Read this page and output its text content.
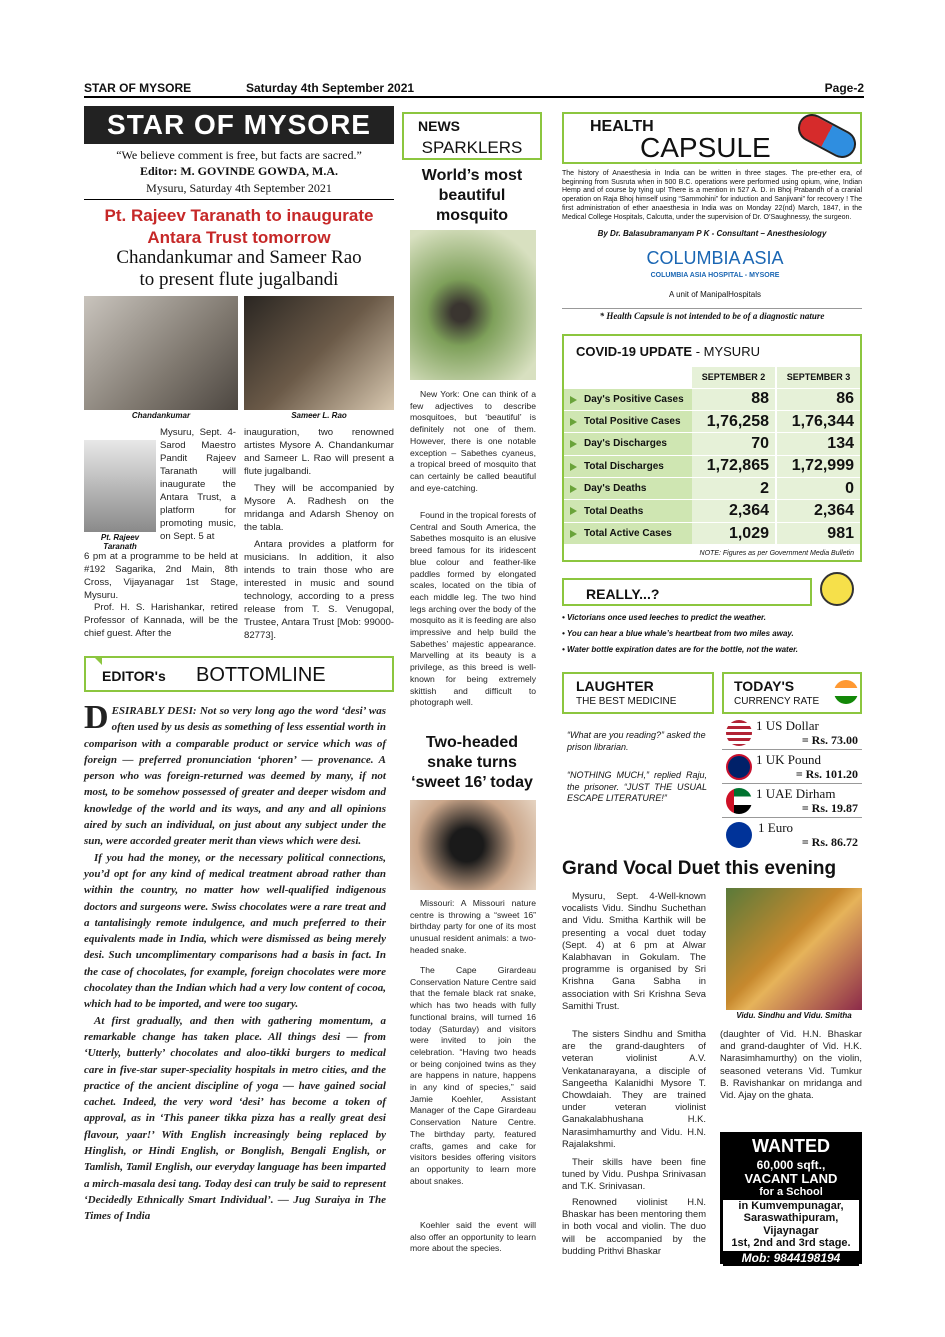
STAR OF MYSORE	Saturday 4th September 2021	Page-2
STAR OF MYSORE
“We believe comment is free, but facts are sacred.”
Editor: M. GOVINDE GOWDA, M.A.
Mysuru, Saturday 4th September 2021
Pt. Rajeev Taranath to inaugurate
Antara Trust tomorrow
Chandankumar and Sameer Rao
to present flute jugalbandi
Chandankumar	Sameer L. Rao
Pt. Rajeev Taranath
Mysuru, Sept. 4- Sarod Maestro Pandit Rajeev Taranath will inaugurate the Antara Trust, a platform for promoting music, on Sept. 5 at
6 pm at a programme to be held at #192 Sagarika, 2nd Main, 8th Cross, Vijayanagar 1st Stage, Mysuru.
Prof. H. S. Harishankar, retired Professor of Kannada, will be the chief guest. After the
inauguration, two renowned artistes Mysore A. Chandankumar and Sameer L. Rao will present a flute jugalbandi.
They will be accompanied by Mysore A. Radhesh on the mridanga and Adarsh Shenoy on the tabla.
Antara provides a platform for musicians. In addition, it also intends to train those who are interested in music and sound technology, according to a press release from T. S. Venugopal, Trustee, Antara Trust [Mob: 99000-82773].
EDITOR's BOTTOMLINE
DESIRABLY DESI: Not so very long ago the word ‘desi’ was often used by us desis as something of less essential worth in comparison with a comparable product or service which was of foreign — preferred pronunciation ‘phoren’ — provenance. A person who was foreign-returned was deemed by many, if not most, to be somehow possessed of greater and deeper wisdom and knowledge of the world and its ways, and any and all opinions aired by such an individual, on just about any subject under the sun, were accorded greater merit than views which were desi.

If you had the money, or the necessary political connections, you’d opt for any kind of medical treatment abroad rather than within the country, no matter how well-qualified indigenous doctors and surgeons were. Swiss chocolates were a rare treat and a tantalisingly remote indulgence, and much preferred to their equivalents made in India, which were dismissed as being merely desi. Such uncomplimentary comparisons had a basis in fact. In the case of chocolates, for example, foreign chocolates were more chocolatey than the Indian which had a very low content of cocoa, which had to be imported, and were too sugary.

At first gradually, and then with gathering momentum, a remarkable change has taken place. All things desi — from ‘Utterly, butterly’ chocolates and aloo-tikki burgers to medical care in five-star super-speciality hospitals in metro cities, and the practice of the ancient discipline of yoga — have gained social cachet. Indeed, the very word ‘desi’ has become a token of approval, as in ‘This paneer tikka pizza has a really great desi flavour, yaar!’ With English increasingly being replaced by Hinglish, or Hindi English, or Bonglish, Bengali English, or Tamlish, Tamil English, our everyday language has been imparted a mirch-masala desi tang. Today desi can truly be said to represent ‘Decidedly Ethnically Smart Individual’. — Jug Suraiya in The Times of India

NEWS
SPARKLERS
World’s most beautiful mosquito
New York: One can think of a few adjectives to describe mosquitoes, but ‘beautiful’ is definitely not one of them. However, there is one notable exception – Sabethes cyaneus, a tropical breed of mosquito that can certainly be called beautiful and eye-catching.
Found in the tropical forests of Central and South America, the Sabethes mosquito is an elusive breed famous for its iridescent blue colour and feather-like paddles formed by elongated scales, located on the tibia of each middle leg. The two hind legs arching over the body of the mosquito as it is feeding are also impressive and help build the Sabethes’ majestic appearance. Marvelling at its beauty is a privilege, as this breed is well-known for being extremely skittish and difficult to photograph well.
Two-headed snake turns ‘sweet 16’ today
Missouri: A Missouri nature centre is throwing a “sweet 16” birthday party for one of its most unusual resident animals: a two-headed snake.
The Cape Girardeau Conservation Nature Centre said that the female black rat snake, which has two heads with fully functional brains, will turned 16 today (Saturday) and visitors were invited to join the celebration. “Having two heads or being conjoined twins as they are happens in nature, happens in any kind of species,” said Jamie Koehler, Assistant Manager of the Cape Girardeau Conservation Nature Centre. The birthday party, featured crafts, games and cake for visitors besides offering visitors an opportunity to learn more about snakes.
Koehler said the event will also offer an opportunity to learn more about the species.
HEALTH
CAPSULE
The history of Anaesthesia in India can be written in three stages. The pre-ether era, of beginning from Susruta when in 500 B.C. operations were performed using opium, wine, Indian Hemp and of course by tying up! There is a mention in 527 A. D. in Bhoj Prabandh of a cranial operation on Raja Bhoj himself using “Sammohini” for induction and Sanjivani” for recovery ! The first administration of ether anaesthesia in India was on Monday 22(nd) March, 1847, in the Medical College Hospitals, Calcutta, under the supervision of Dr. O’Saughnessy, the surgeon.
By Dr. Balasubramanyam P K - Consultant – Anesthesiology
COLUMBIA ASIA
COLUMBIA ASIA HOSPITAL - MYSORE
A unit of ManipalHospitals
* Health Capsule is not intended to be of a diagnostic nature
COVID-19 UPDATE - MYSURU
	SEPTEMBER 2	SEPTEMBER 3
Day's Positive Cases	88	86
Total Positive Cases	1,76,258	1,76,344
Day's Discharges	70	134
Total Discharges	1,72,865	1,72,999
Day's Deaths	2	0
Total Deaths	2,364	2,364
Total Active Cases	1,029	981
NOTE: Figures as per Government Media Bulletin
REALLY...?
• Victorians once used leeches to predict the weather.
• You can hear a blue whale’s heartbeat from two miles away.
• Water bottle expiration dates are for the bottle, not the water.
LAUGHTER
THE BEST MEDICINE
“What are you reading?” asked the prison librarian.
“NOTHING MUCH,” replied Raju, the prisoner. “JUST THE USUAL ESCAPE LITERATURE!”
TODAY'S
CURRENCY RATE
1 US Dollar
= Rs. 73.00
1 UK Pound
= Rs. 101.20
1 UAE Dirham
= Rs. 19.87
1 Euro
= Rs. 86.72
Grand Vocal Duet this evening
Vidu. Sindhu and Vidu. Smitha
Mysuru, Sept. 4-Well-known vocalists Vidu. Sindhu Suchethan and Vidu. Smitha Karthik will be presenting a vocal duet today (Sept. 4) at 6 pm at Alwar Kalabhavan in Gokulam. The programme is organised by Sri Krishna Gana Sabha in association with Sri Krishna Seva Samithi Trust.
The sisters Sindhu and Smitha are the grand-daughters of veteran violinist A.V. Venkatanarayana, a disciple of Sangeetha Kalanidhi Mysore T. Chowdaiah. They are trained under veteran violinist Ganakalabhushana H.K. Narasimhamurthy and Vidu. H.N. Rajalakshmi.
Their skills have been fine tuned by Vidu. Pushpa Srinivasan and T.K. Srinivasan.
Renowned violinist H.N. Bhaskar has been mentoring them in both vocal and violin. The duo will be accompanied by the budding Prithvi Bhaskar
(daughter of Vid. H.N. Bhaskar and grand-daughter of Vid. H.K. Narasimhamurthy) on the violin, seasoned veterans Vid. Tumkur B. Ravishankar on mridanga and Vid. Ajay on the ghata.
WANTED
60,000 sqft.,
VACANT LAND
for a School
in Kumvempunagar,
Saraswathipuram,
Vijaynagar
1st, 2nd and 3rd stage.
Mob: 9844198194
